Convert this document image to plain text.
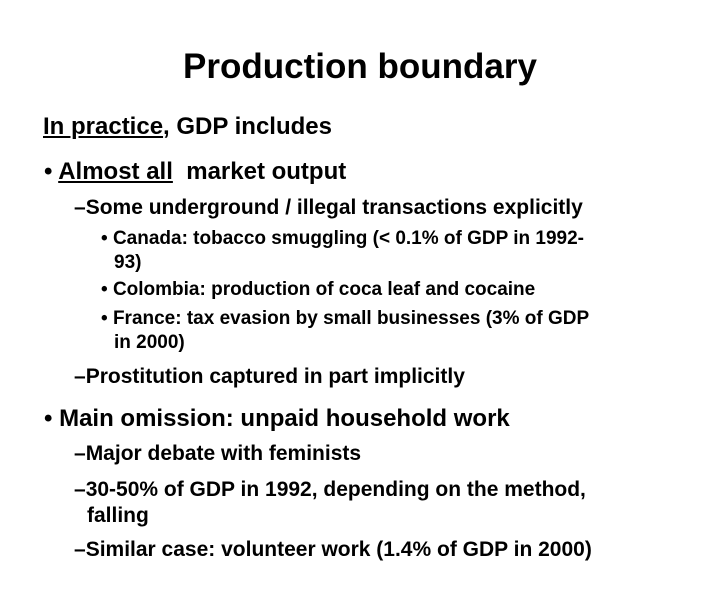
Production boundary
In practice, GDP includes
• Almost all  market output
–Some underground / illegal transactions explicitly
• Canada: tobacco smuggling (< 0.1% of GDP in 1992-
93)
• Colombia: production of coca leaf and cocaine
• France: tax evasion by small businesses (3% of GDP
in 2000)
–Prostitution captured in part implicitly
• Main omission: unpaid household work
–Major debate with feminists
–30-50% of GDP in 1992, depending on the method,
falling
–Similar case: volunteer work (1.4% of GDP in 2000)
